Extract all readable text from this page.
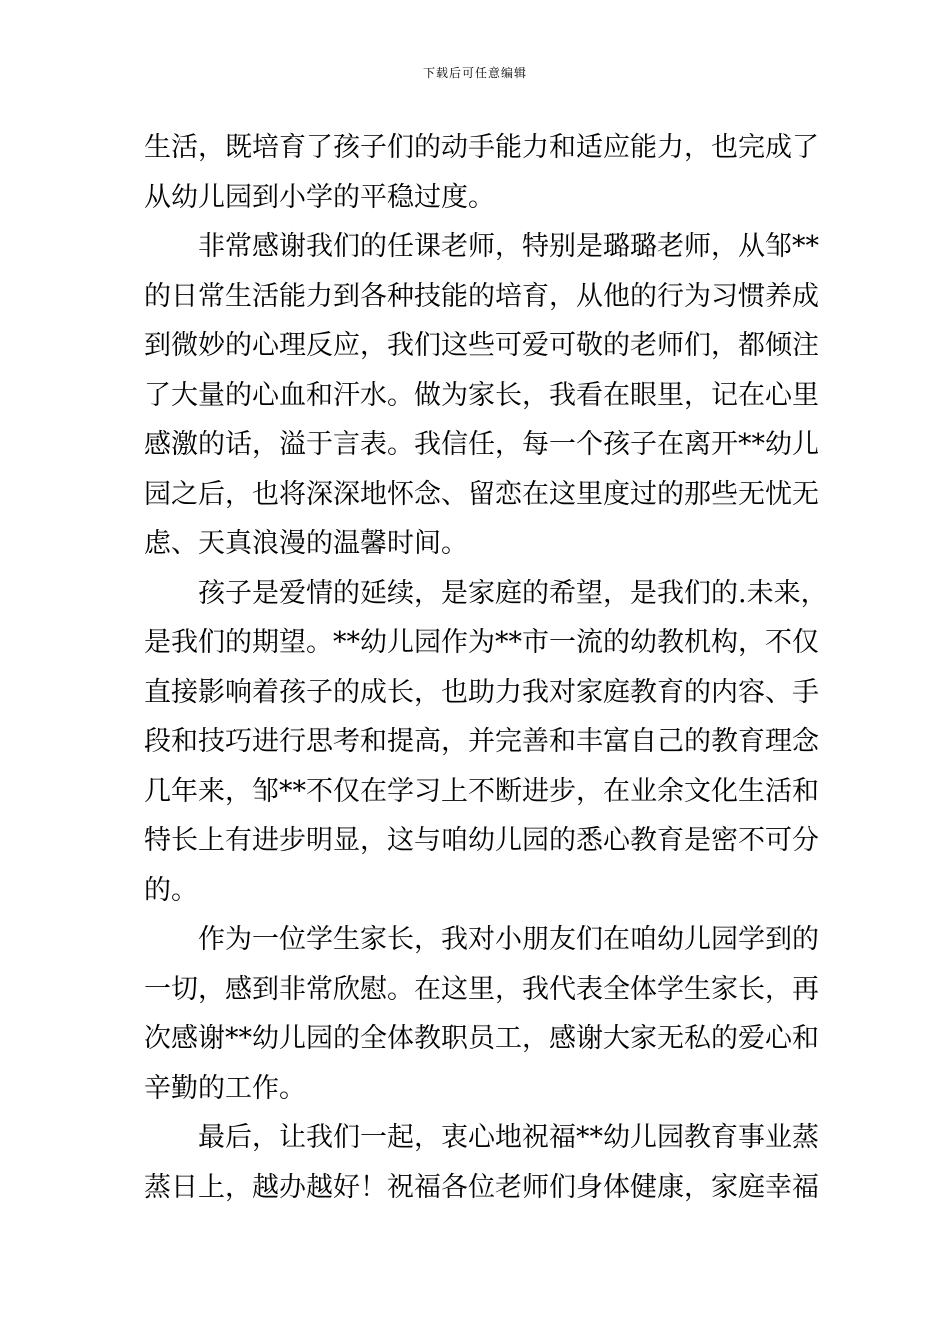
下载后可任意编辑
生活，既培育了孩子们的动手能力和适应能力，也完成了
从幼儿园到小学的平稳过度。
非常感谢我们的任课老师，特别是璐璐老师，从邹**
的日常生活能力到各种技能的培育，从他的行为习惯养成
到微妙的心理反应，我们这些可爱可敬的老师们，都倾注
了大量的心血和汗水。做为家长，我看在眼里，记在心里
感激的话，溢于言表。我信任，每一个孩子在离开**幼儿
园之后，也将深深地怀念、留恋在这里度过的那些无忧无
虑、天真浪漫的温馨时间。
孩子是爱情的延续，是家庭的希望，是我们的.未来，
是我们的期望。**幼儿园作为**市一流的幼教机构，不仅
直接影响着孩子的成长，也助力我对家庭教育的内容、手
段和技巧进行思考和提高，并完善和丰富自己的教育理念
几年来，邹**不仅在学习上不断进步，在业余文化生活和
特长上有进步明显，这与咱幼儿园的悉心教育是密不可分
的。
作为一位学生家长，我对小朋友们在咱幼儿园学到的
一切，感到非常欣慰。在这里，我代表全体学生家长，再
次感谢**幼儿园的全体教职员工，感谢大家无私的爱心和
辛勤的工作。
最后，让我们一起，衷心地祝福**幼儿园教育事业蒸
蒸日上，越办越好！祝福各位老师们身体健康，家庭幸福
